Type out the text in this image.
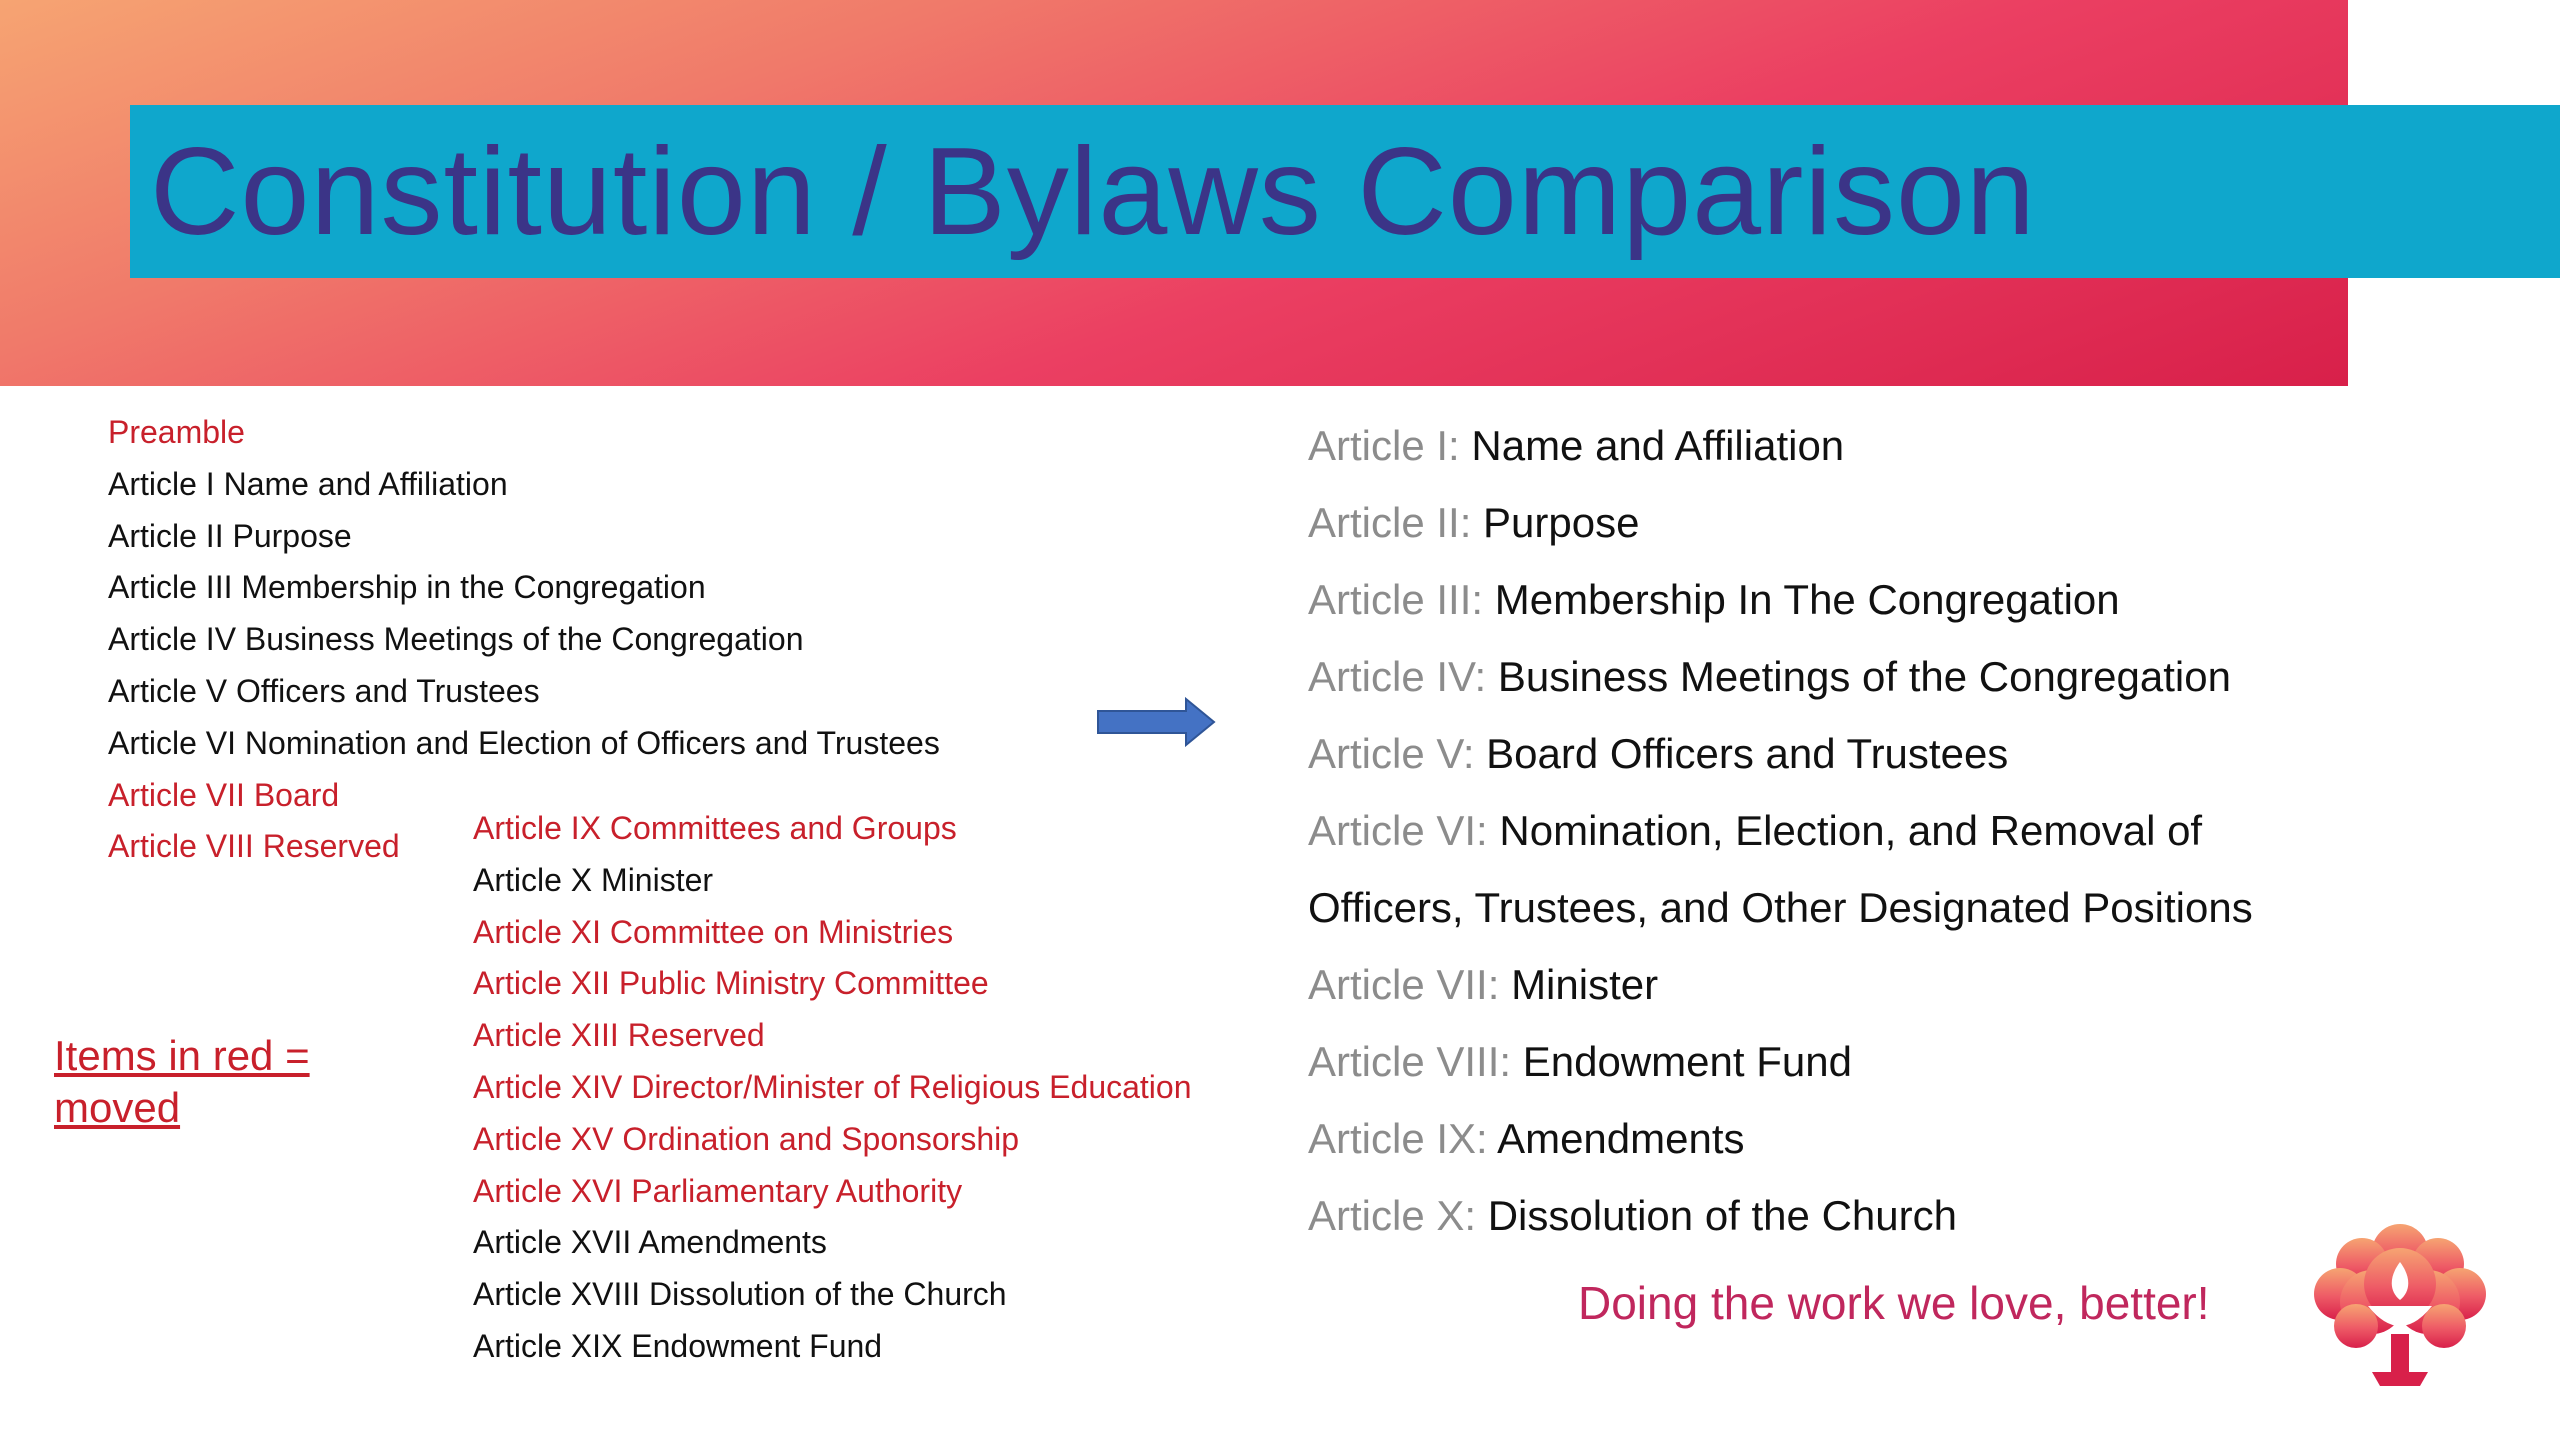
Constitution / Bylaws Comparison
Preamble
Article I Name and Affiliation
Article II Purpose
Article III Membership in the Congregation
Article IV Business Meetings of the Congregation
Article V Officers and Trustees
Article VI Nomination and Election of Officers and Trustees
Article VII Board
Article VIII Reserved
Article IX Committees and Groups
Article X Minister
Article XI Committee on Ministries
Article XII Public Ministry Committee
Article XIII Reserved
Article XIV Director/Minister of Religious Education
Article XV Ordination and Sponsorship
Article XVI Parliamentary Authority
Article XVII Amendments
Article XVIII Dissolution of the Church
Article XIX Endowment Fund
Items in red =
moved
Article I: Name and Affiliation
Article II: Purpose
Article III: Membership In The Congregation
Article IV: Business Meetings of the Congregation
Article V: Board Officers and Trustees
Article VI: Nomination, Election, and Removal of Officers, Trustees, and Other Designated Positions
Article VII: Minister
Article VIII: Endowment Fund
Article IX: Amendments
Article X: Dissolution of the Church
Doing the work we love, better!
